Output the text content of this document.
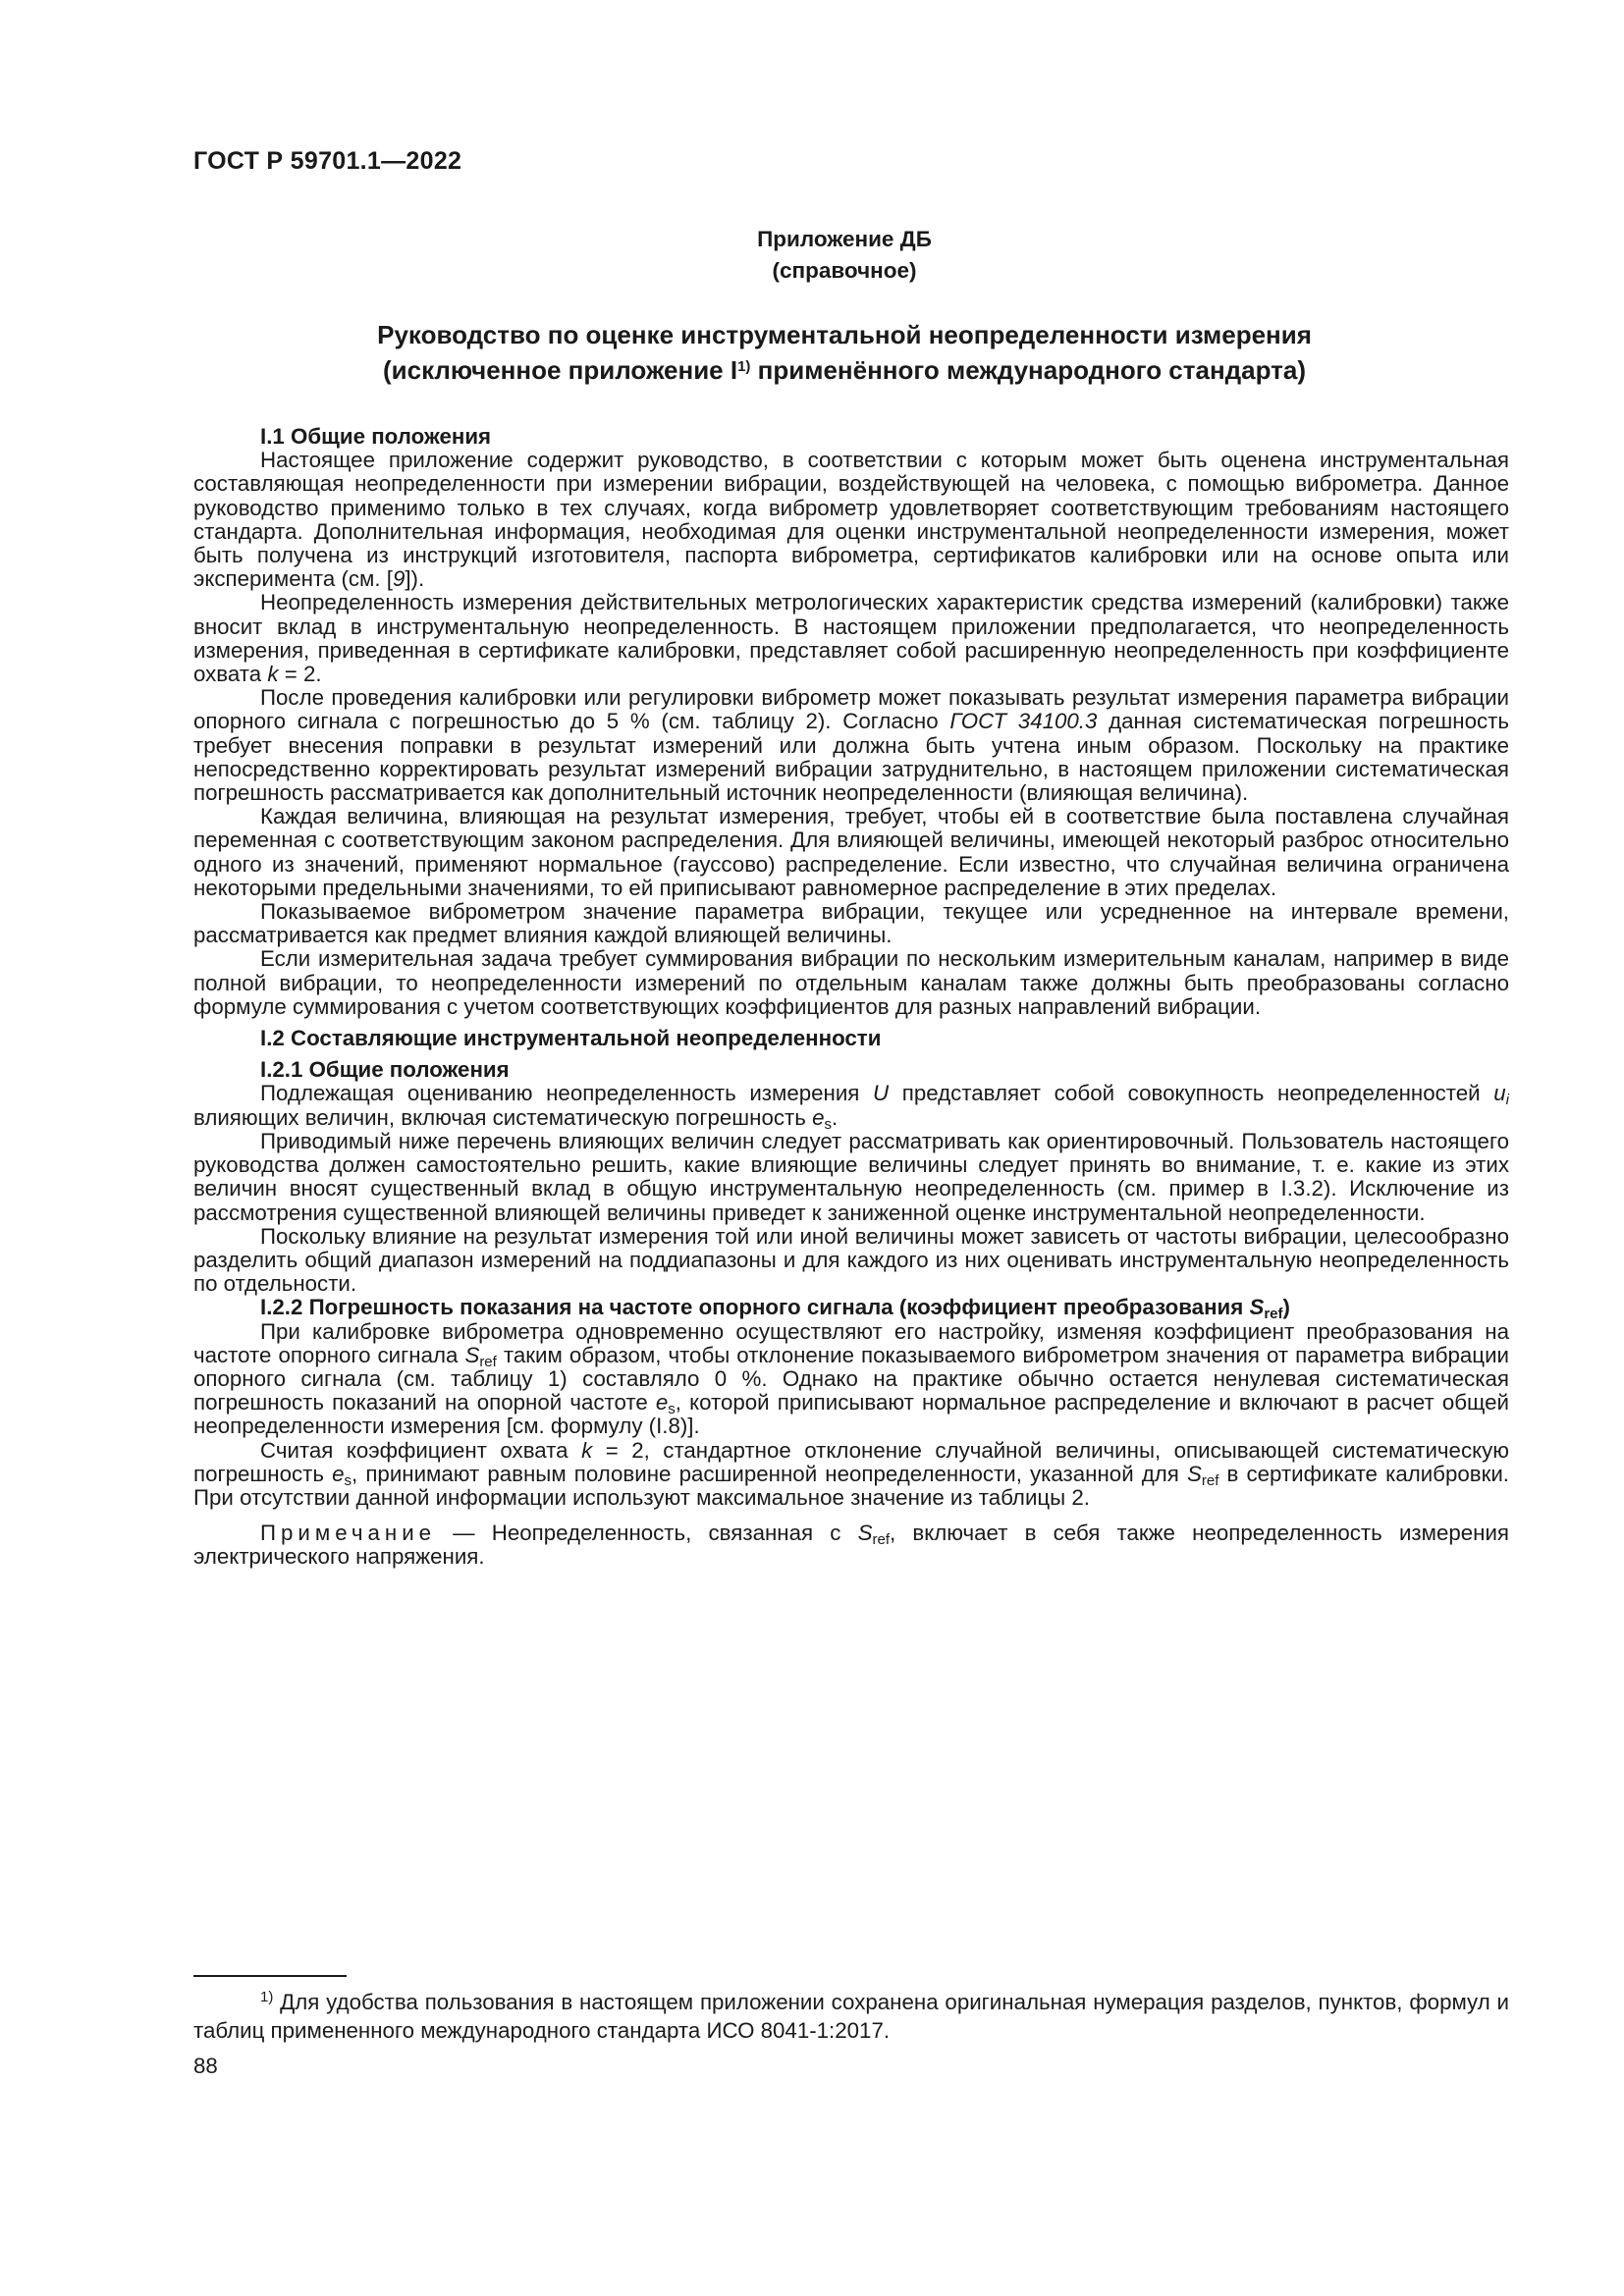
ГОСТ Р 59701.1—2022
Приложение ДБ
(справочное)
Руководство по оценке инструментальной неопределенности измерения
(исключенное приложение $I^{1)}$ применённого международного стандарта)
I.1 Общие положения

Настоящее приложение содержит руководство, в соответствии с которым может быть оценена инструментальная составляющая неопределенности при измерении вибрации, воздействующей на человека, с помощью виброметра. Данное руководство применимо только в тех случаях, когда виброметр удовлетворяет соответствующим требованиям настоящего стандарта. Дополнительная информация, необходимая для оценки инструментальной неопределенности измерения, может быть получена из инструкций изготовителя, паспорта виброметра, сертификатов калибровки или на основе опыта или эксперимента (см. [9]).

Неопределенность измерения действительных метрологических характеристик средства измерений (калибровки) также вносит вклад в инструментальную неопределенность. В настоящем приложении предполагается, что неопределенность измерения, приведенная в сертификате калибровки, представляет собой расширенную неопределенность при коэффициенте охвата k = 2.

После проведения калибровки или регулировки виброметр может показывать результат измерения параметра вибрации опорного сигнала с погрешностью до 5 % (см. таблицу 2). Согласно ГОСТ 34100.3 данная систематическая погрешность требует внесения поправки в результат измерений или должна быть учтена иным образом. Поскольку на практике непосредственно корректировать результат измерений вибрации затруднительно, в настоящем приложении систематическая погрешность рассматривается как дополнительный источник неопределенности (влияющая величина).

Каждая величина, влияющая на результат измерения, требует, чтобы ей в соответствие была поставлена случайная переменная с соответствующим законом распределения. Для влияющей величины, имеющей некоторый разброс относительно одного из значений, применяют нормальное (гауссово) распределение. Если известно, что случайная величина ограничена некоторыми предельными значениями, то ей приписывают равномерное распределение в этих пределах.

Показываемое виброметром значение параметра вибрации, текущее или усредненное на интервале времени, рассматривается как предмет влияния каждой влияющей величины.

Если измерительная задача требует суммирования вибрации по нескольким измерительным каналам, например в виде полной вибрации, то неопределенности измерений по отдельным каналам также должны быть преобразованы согласно формуле суммирования с учетом соответствующих коэффициентов для разных направлений вибрации.

I.2 Составляющие инструментальной неопределенности
I.2.1 Общие положения

Подлежащая оцениванию неопределенность измерения U представляет собой совокупность неопределенностей $u_i$ влияющих величин, включая систематическую погрешность $e_s$.

Приводимый ниже перечень влияющих величин следует рассматривать как ориентировочный. Пользователь настоящего руководства должен самостоятельно решить, какие влияющие величины следует принять во внимание, т. е. какие из этих величин вносят существенный вклад в общую инструментальную неопределенность (см. пример в I.3.2). Исключение из рассмотрения существенной влияющей величины приведет к заниженной оценке инструментальной неопределенности.

Поскольку влияние на результат измерения той или иной величины может зависеть от частоты вибрации, целесообразно разделить общий диапазон измерений на поддиапазоны и для каждого из них оценивать инструментальную неопределенность по отдельности.

I.2.2 Погрешность показания на частоте опорного сигнала (коэффициент преобразования $S_{ref}$)

При калибровке виброметра одновременно осуществляют его настройку, изменяя коэффициент преобразования на частоте опорного сигнала $S_{ref}$ таким образом, чтобы отклонение показываемого виброметром значения от параметра вибрации опорного сигнала (см. таблицу 1) составляло 0 %. Однако на практике обычно остается ненулевая систематическая погрешность показаний на опорной частоте $e_s$, которой приписывают нормальное распределение и включают в расчет общей неопределенности измерения [см. формулу (I.8)].

Считая коэффициент охвата k = 2, стандартное отклонение случайной величины, описывающей систематическую погрешность $e_s$, принимают равным половине расширенной неопределенности, указанной для $S_{ref}$ в сертификате калибровки. При отсутствии данной информации используют максимальное значение из таблицы 2.

Примечание — Неопределенность, связанная с $S_{ref}$, включает в себя также неопределенность измерения электрического напряжения.

$^{1)}$ Для удобства пользования в настоящем приложении сохранена оригинальная нумерация разделов, пунктов, формул и таблиц примененного международного стандарта ИСО 8041-1:2017.

88
